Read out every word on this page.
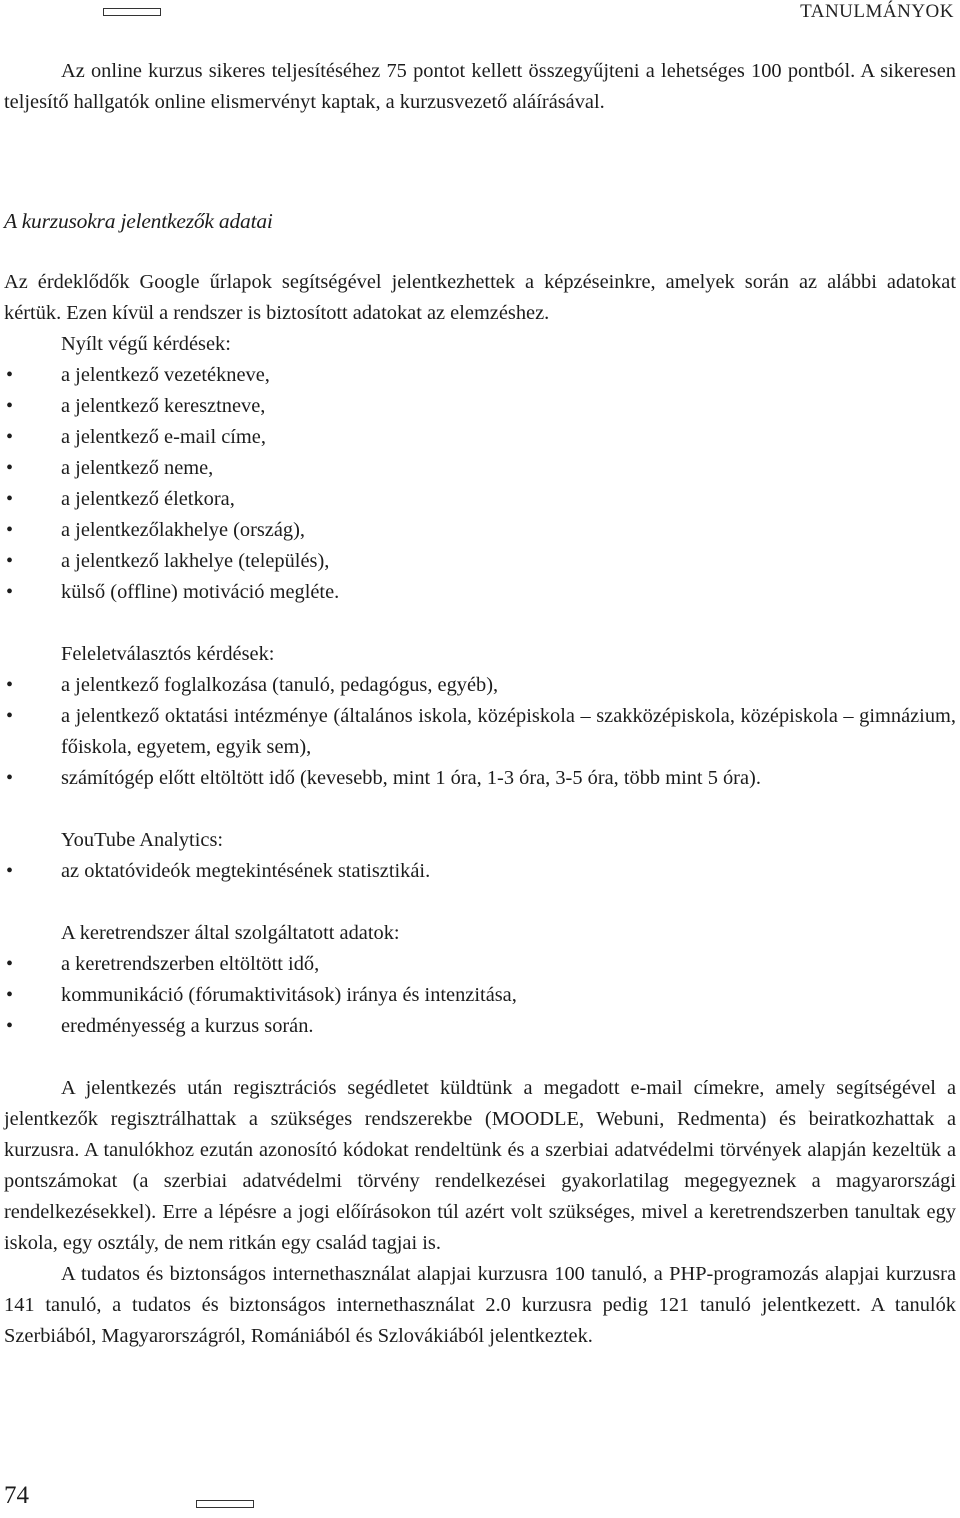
TANULMÁNYOK

Az online kurzus sikeres teljesítéséhez 75 pontot kellett összegyűjteni a lehetséges 100 pontból. A sikeresen teljesítő hallgatók online elismervényt kaptak, a kurzusvezető aláírásával.

A kurzusokra jelentkezők adatai

Az érdeklődők Google űrlapok segítségével jelentkezhettek a képzéseinkre, amelyek során az alábbi adatokat kértük. Ezen kívül a rendszer is biztosított adatokat az elemzéshez.

Nyílt végű kérdések:
• a jelentkező vezetékneve,
• a jelentkező keresztneve,
• a jelentkező e-mail címe,
• a jelentkező neme,
• a jelentkező életkora,
• a jelentkezőlakhelye (ország),
• a jelentkező lakhelye (település),
• külső (offline) motiváció megléte.
Feleletválasztós kérdések:
• a jelentkező foglalkozása (tanuló, pedagógus, egyéb),
• a jelentkező oktatási intézménye (általános iskola, középiskola – szakközépiskola, középiskola – gimnázium, főiskola, egyetem, egyik sem),
• számítógép előtt eltöltött idő (kevesebb, mint 1 óra, 1-3 óra, 3-5 óra, több mint 5 óra).
YouTube Analytics:
• az oktatóvideók megtekintésének statisztikái.
A keretrendszer által szolgáltatott adatok:
• a keretrendszerben eltöltött idő,
• kommunikáció (fórumaktivitások) iránya és intenzitása,
• eredményesség a kurzus során.

A jelentkezés után regisztrációs segédletet küldtünk a megadott e-mail címekre, amely segítségével a jelentkezők regisztrálhattak a szükséges rendszerekbe (MOODLE, Webuni, Redmenta) és beiratkozhattak a kurzusra. A tanulókhoz ezután azonosító kódokat rendeltünk és a szerbiai adatvédelmi törvények alapján kezeltük a pontszámokat (a szerbiai adatvédelmi törvény rendelkezései gyakorlatilag megegyeznek a magyarországi rendelkezésekkel). Erre a lépésre a jogi előírásokon túl azért volt szükséges, mivel a keretrendszerben tanultak egy iskola, egy osztály, de nem ritkán egy család tagjai is.

A tudatos és biztonságos internethasználat alapjai kurzusra 100 tanuló, a PHP-programozás alapjai kurzusra 141 tanuló, a tudatos és biztonságos internethasználat 2.0 kurzusra pedig 121 tanuló jelentkezett. A tanulók Szerbiából, Magyarországról, Romániából és Szlovákiából jelentkeztek.

74
